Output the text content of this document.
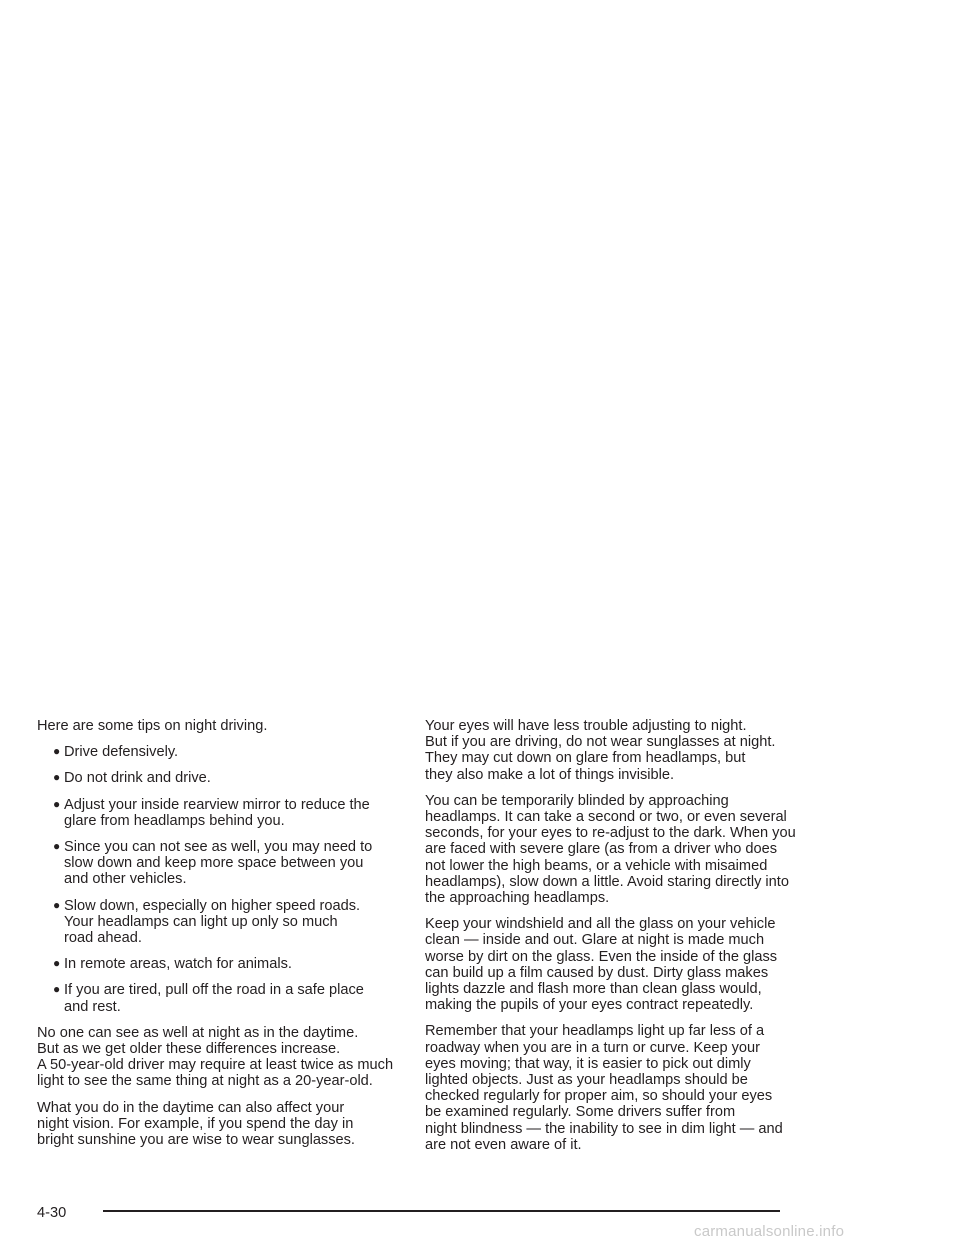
Here are some tips on night driving.

● Drive defensively.
● Do not drink and drive.
● Adjust your inside rearview mirror to reduce the
glare from headlamps behind you.
● Since you can not see as well, you may need to
slow down and keep more space between you
and other vehicles.
● Slow down, especially on higher speed roads.
Your headlamps can light up only so much
road ahead.
● In remote areas, watch for animals.
● If you are tired, pull off the road in a safe place
and rest.
No one can see as well at night as in the daytime.
But as we get older these differences increase.
A 50-year-old driver may require at least twice as much
light to see the same thing at night as a 20-year-old.
What you do in the daytime can also affect your
night vision. For example, if you spend the day in
bright sunshine you are wise to wear sunglasses.
Your eyes will have less trouble adjusting to night.
But if you are driving, do not wear sunglasses at night.
They may cut down on glare from headlamps, but
they also make a lot of things invisible.
You can be temporarily blinded by approaching
headlamps. It can take a second or two, or even several
seconds, for your eyes to re-adjust to the dark. When you
are faced with severe glare (as from a driver who does
not lower the high beams, or a vehicle with misaimed
headlamps), slow down a little. Avoid staring directly into
the approaching headlamps.
Keep your windshield and all the glass on your vehicle
clean — inside and out. Glare at night is made much
worse by dirt on the glass. Even the inside of the glass
can build up a film caused by dust. Dirty glass makes
lights dazzle and flash more than clean glass would,
making the pupils of your eyes contract repeatedly.
Remember that your headlamps light up far less of a
roadway when you are in a turn or curve. Keep your
eyes moving; that way, it is easier to pick out dimly
lighted objects. Just as your headlamps should be
checked regularly for proper aim, so should your eyes
be examined regularly. Some drivers suffer from
night blindness — the inability to see in dim light — and
are not even aware of it.
4-30
carmanualsonline.info
